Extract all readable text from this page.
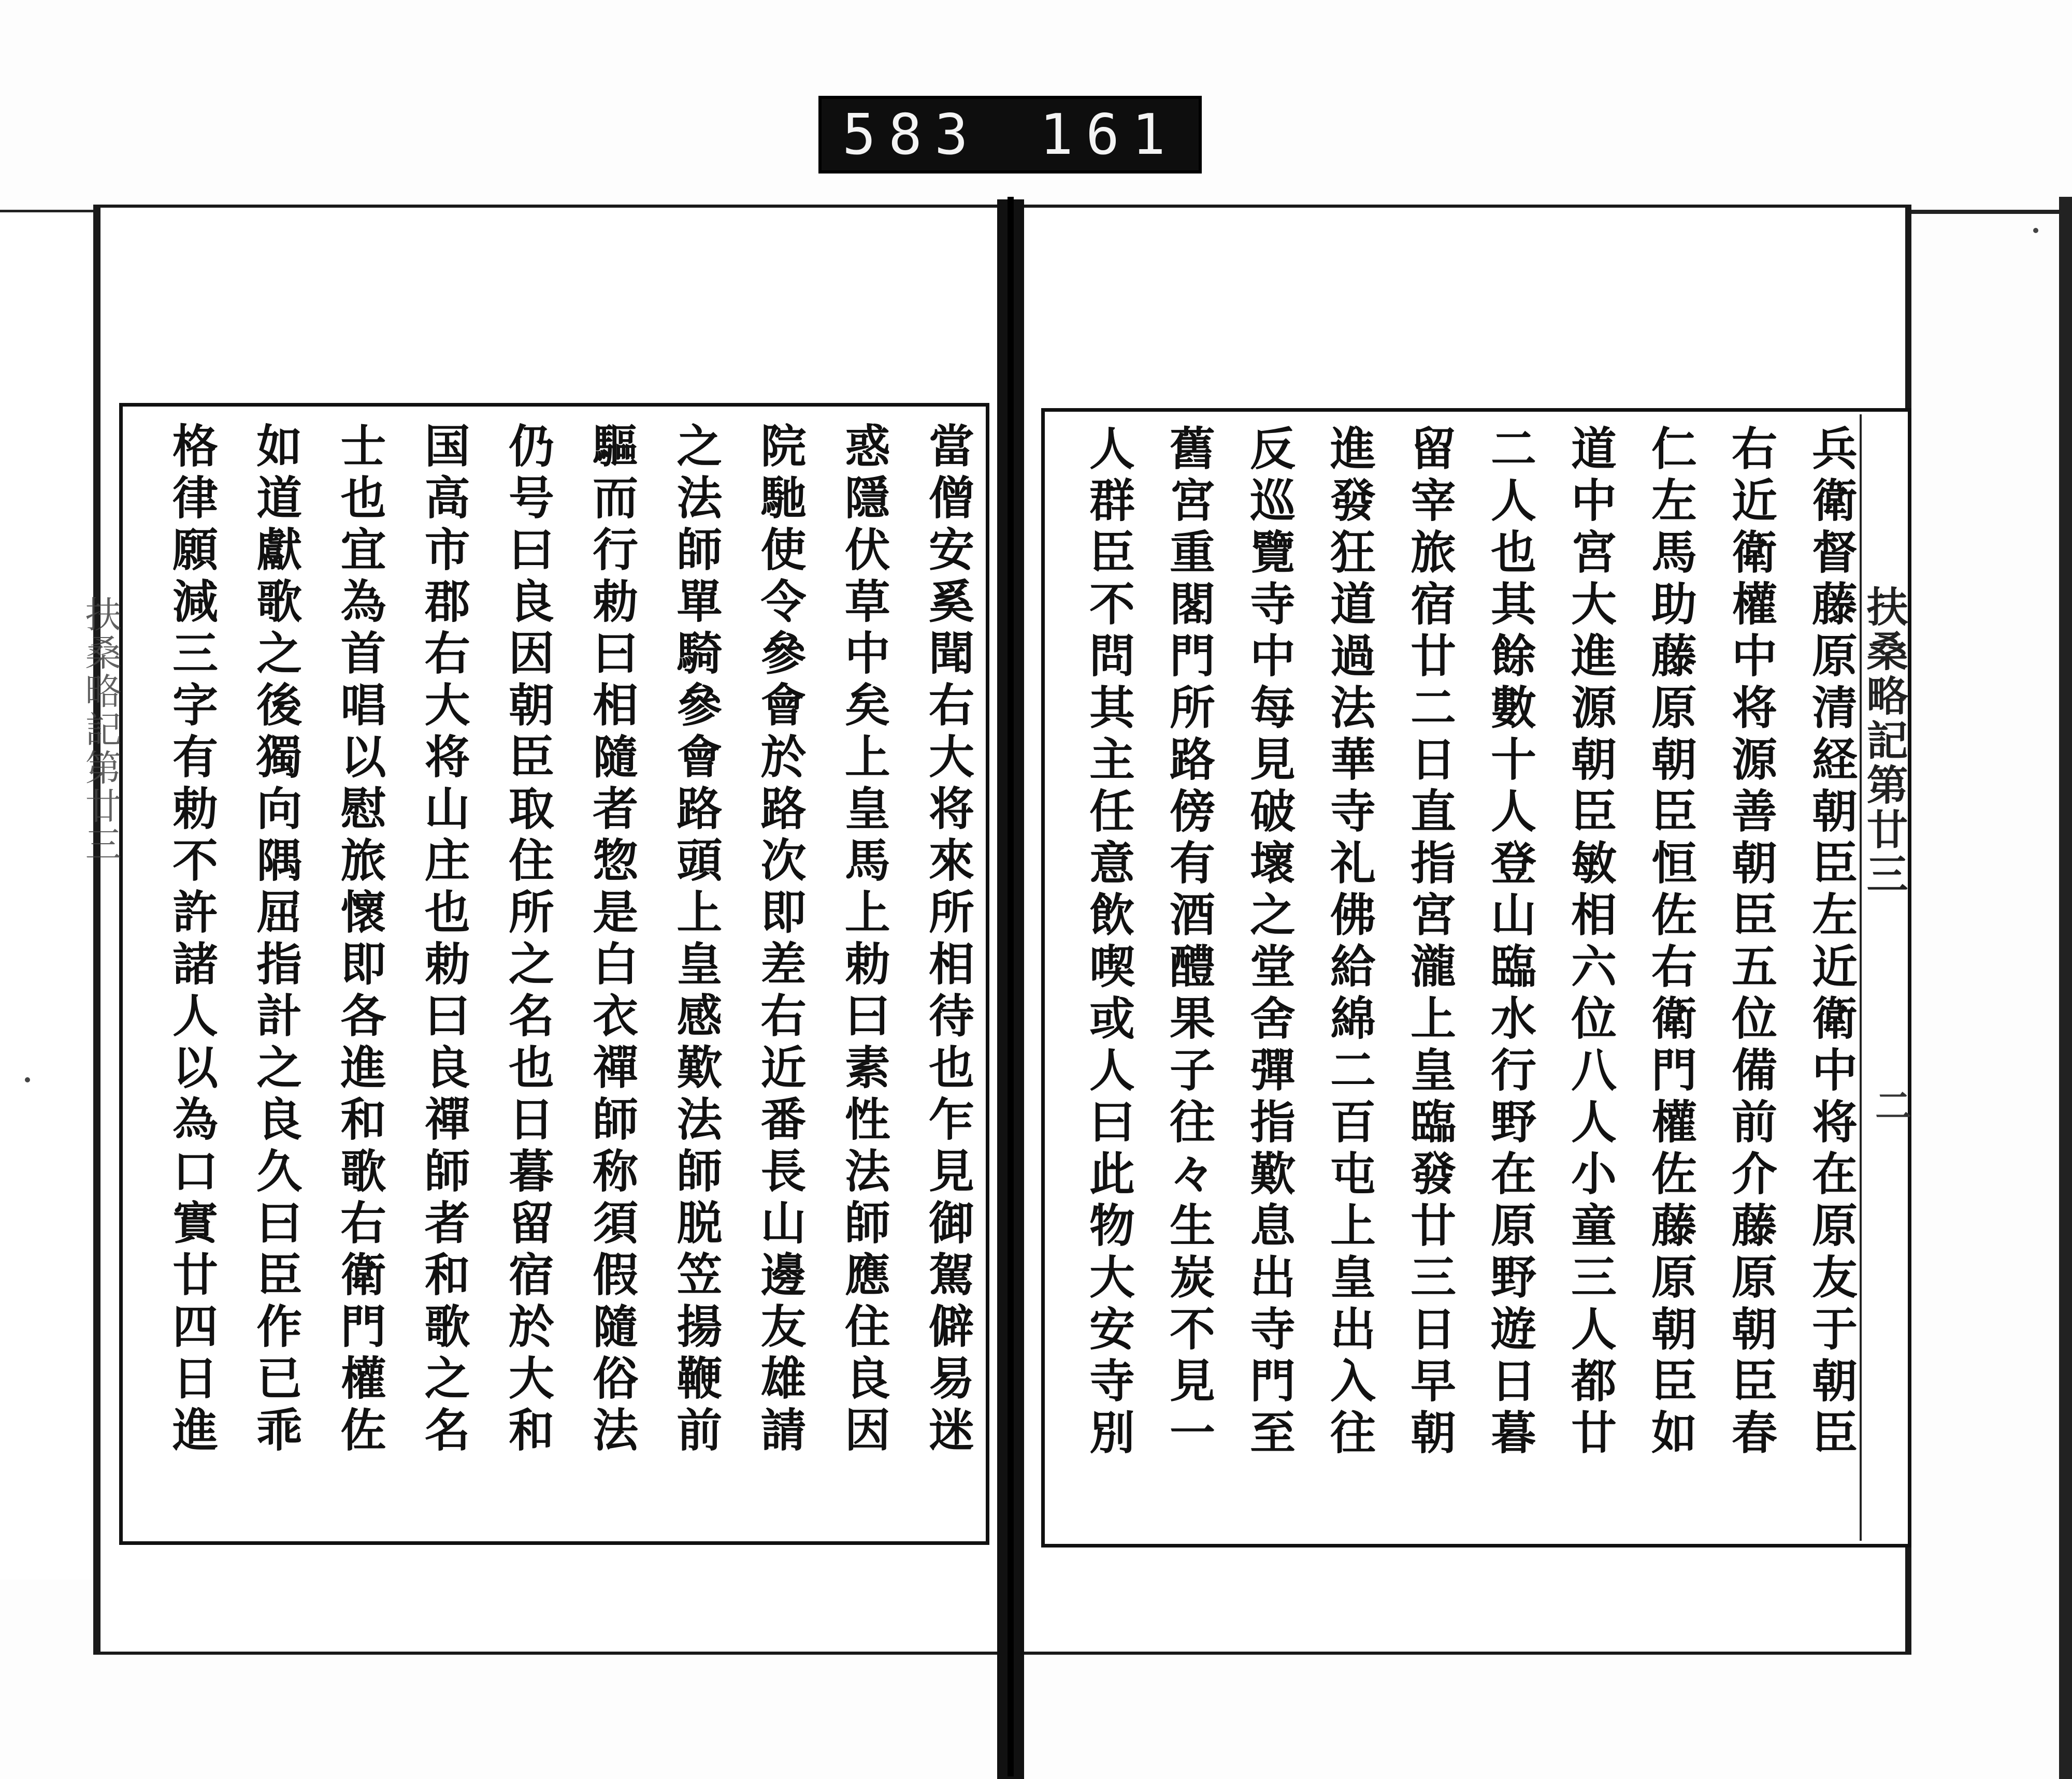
583 161
扶桑略記第廿三	當僧安奚聞右大将來所相待也乍見御駕僻易迷
惑隱伏草中矣上皇馬上勅曰素性法師應住良因
院馳使令參會於路次即差右近番長山邊友雄請
之法師單騎參會路頭上皇感歎法師脱笠揚鞭前
驅而行勅曰相隨者惣是白衣禪師称須假隨俗法
仍号曰良因朝臣取住所之名也日暮留宿於大和
国高市郡右大将山庄也勅曰良禪師者和歌之名
士也宜為首唱以慰旅懷即各進和歌右衛門權佐
如道獻歌之後獨向隅屈指計之良久曰臣作已乖
格律願減三字有勅不許諸人以為口實廿四日進	兵衛督藤原清経朝臣左近衛中将在原友于朝臣
右近衛權中将源善朝臣五位備前介藤原朝臣春
仁左馬助藤原朝臣恒佐右衛門權佐藤原朝臣如
道中宮大進源朝臣敏相六位八人小童三人都廿
二人也其餘數十人登山臨水行野在原野遊日暮
留宰旅宿廿二日直指宮瀧上皇臨發廿三日早朝
進發狂道過法華寺礼佛給綿二百屯上皇出入往
反巡覽寺中每見破壞之堂舍彈指歎息出寺門至
舊宮重閣門所路傍有酒醴果子往々生炭不見一
人群臣不問其主任意飲喫或人曰此物大安寺別	扶桑略記第廿三
二
